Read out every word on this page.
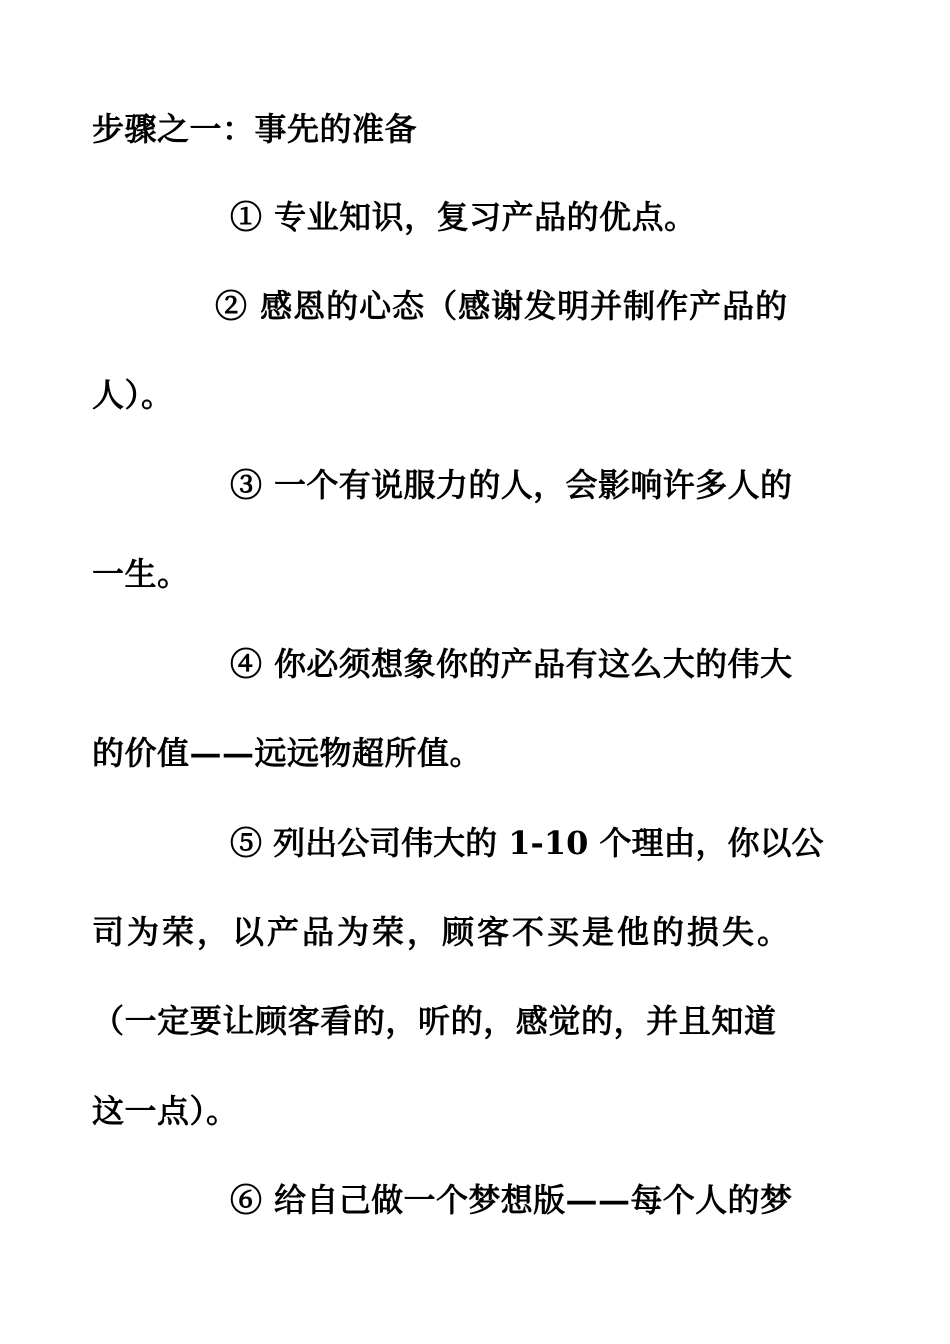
步骤之一：事先的准备
① 专业知识，复习产品的优点。
② 感恩的心态（感谢发明并制作产品的
人）。
③ 一个有说服力的人，会影响许多人的
一生。
④ 你必须想象你的产品有这么大的伟大
的价值——远远物超所值。
⑤ 列出公司伟大的 1-10 个理由，你以公
司为荣，以产品为荣，顾客不买是他的损失。
（一定要让顾客看的，听的，感觉的，并且知道
这一点）。
⑥ 给自己做一个梦想版——每个人的梦
